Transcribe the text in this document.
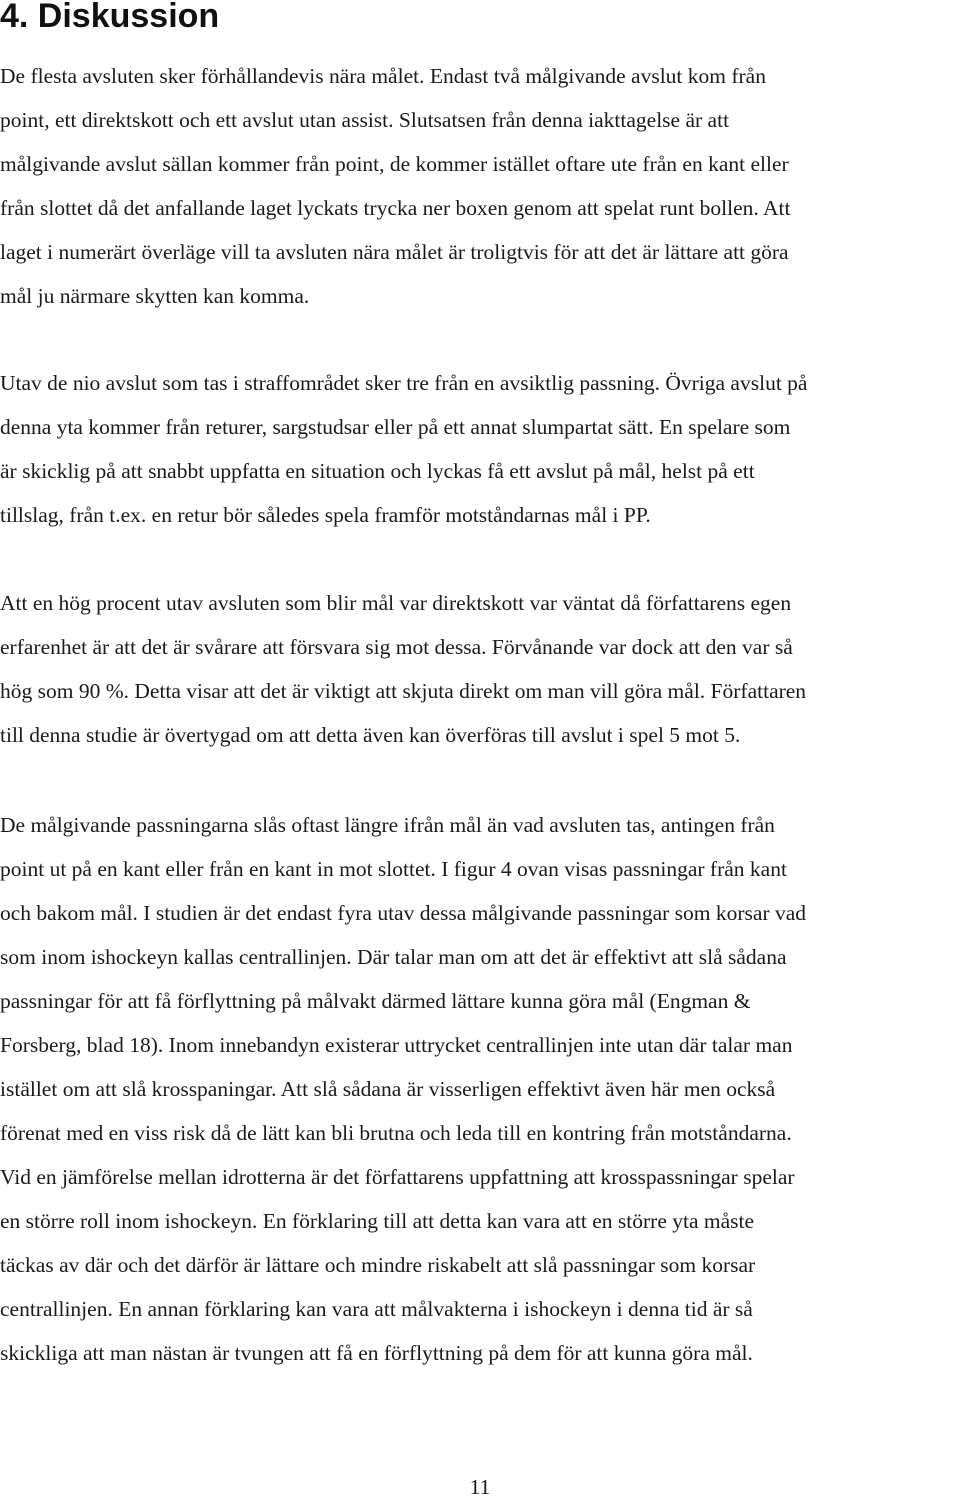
4. Diskussion
De flesta avsluten sker förhållandevis nära målet. Endast två målgivande avslut kom från
point, ett direktskott och ett avslut utan assist. Slutsatsen från denna iakttagelse är att
målgivande avslut sällan kommer från point, de kommer istället oftare ute från en kant eller
från slottet då det anfallande laget lyckats trycka ner boxen genom att spelat runt bollen. Att
laget i numerärt överläge vill ta avsluten nära målet är troligtvis för att det är lättare att göra
mål ju närmare skytten kan komma.
Utav de nio avslut som tas i straffområdet sker tre från en avsiktlig passning. Övriga avslut på
denna yta kommer från returer, sargstudsar eller på ett annat slumpartat sätt. En spelare som
är skicklig på att snabbt uppfatta en situation och lyckas få ett avslut på mål, helst på ett
tillslag, från t.ex. en retur bör således spela framför motståndarnas mål i PP.
Att en hög procent utav avsluten som blir mål var direktskott var väntat då författarens egen
erfarenhet är att det är svårare att försvara sig mot dessa. Förvånande var dock att den var så
hög som 90 %. Detta visar att det är viktigt att skjuta direkt om man vill göra mål. Författaren
till denna studie är övertygad om att detta även kan överföras till avslut i spel 5 mot 5.
De målgivande passningarna slås oftast längre ifrån mål än vad avsluten tas, antingen från
point ut på en kant eller från en kant in mot slottet. I figur 4 ovan visas passningar från kant
och bakom mål. I studien är det endast fyra utav dessa målgivande passningar som korsar vad
som inom ishockeyn kallas centrallinjen. Där talar man om att det är effektivt att slå sådana
passningar för att få förflyttning på målvakt därmed lättare kunna göra mål (Engman &
Forsberg, blad 18). Inom innebandyn existerar uttrycket centrallinjen inte utan där talar man
istället om att slå krosspaningar. Att slå sådana är visserligen effektivt även här men också
förenat med en viss risk då de lätt kan bli brutna och leda till en kontring från motståndarna.
Vid en jämförelse mellan idrotterna är det författarens uppfattning att krosspassningar spelar
en större roll inom ishockeyn. En förklaring till att detta kan vara att en större yta måste
täckas av där och det därför är lättare och mindre riskabelt att slå passningar som korsar
centrallinjen. En annan förklaring kan vara att målvakterna i ishockeyn i denna tid är så
skickliga att man nästan är tvungen att få en förflyttning på dem för att kunna göra mål.
11
